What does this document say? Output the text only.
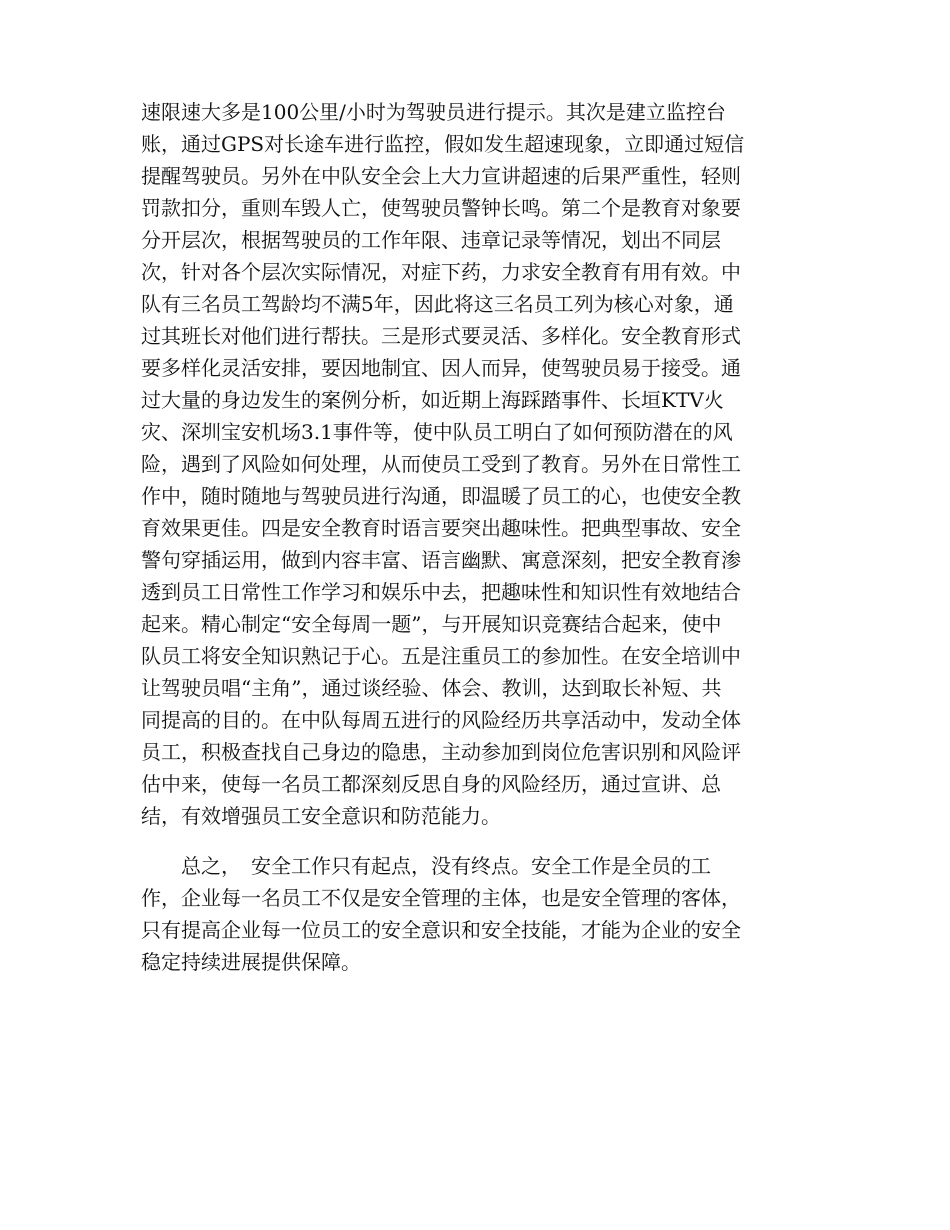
速限速大多是100公里/小时为驾驶员进行提示。其次是建立监控台
账，通过GPS对长途车进行监控，假如发生超速现象，立即通过短信
提醒驾驶员。另外在中队安全会上大力宣讲超速的后果严重性，轻则
罚款扣分，重则车毁人亡，使驾驶员警钟长鸣。第二个是教育对象要
分开层次，根据驾驶员的工作年限、违章记录等情况，划出不同层
次，针对各个层次实际情况，对症下药，力求安全教育有用有效。中
队有三名员工驾龄均不满5年，因此将这三名员工列为核心对象，通
过其班长对他们进行帮扶。三是形式要灵活、多样化。安全教育形式
要多样化灵活安排，要因地制宜、因人而异，使驾驶员易于接受。通
过大量的身边发生的案例分析，如近期上海踩踏事件、长垣KTV火
灾、深圳宝安机场3.1事件等，使中队员工明白了如何预防潜在的风
险，遇到了风险如何处理，从而使员工受到了教育。另外在日常性工
作中，随时随地与驾驶员进行沟通，即温暖了员工的心，也使安全教
育效果更佳。四是安全教育时语言要突出趣味性。把典型事故、安全
警句穿插运用，做到内容丰富、语言幽默、寓意深刻，把安全教育渗
透到员工日常性工作学习和娱乐中去，把趣味性和知识性有效地结合
起来。精心制定“安全每周一题”，与开展知识竞赛结合起来，使中
队员工将安全知识熟记于心。五是注重员工的参加性。在安全培训中
让驾驶员唱“主角”，通过谈经验、体会、教训，达到取长补短、共
同提高的目的。在中队每周五进行的风险经历共享活动中，发动全体
员工，积极查找自己身边的隐患，主动参加到岗位危害识别和风险评
估中来，使每一名员工都深刻反思自身的风险经历，通过宣讲、总
结，有效增强员工安全意识和防范能力。
　　总之，　安全工作只有起点，没有终点。安全工作是全员的工
作，企业每一名员工不仅是安全管理的主体，也是安全管理的客体，
只有提高企业每一位员工的安全意识和安全技能，才能为企业的安全
稳定持续进展提供保障。
